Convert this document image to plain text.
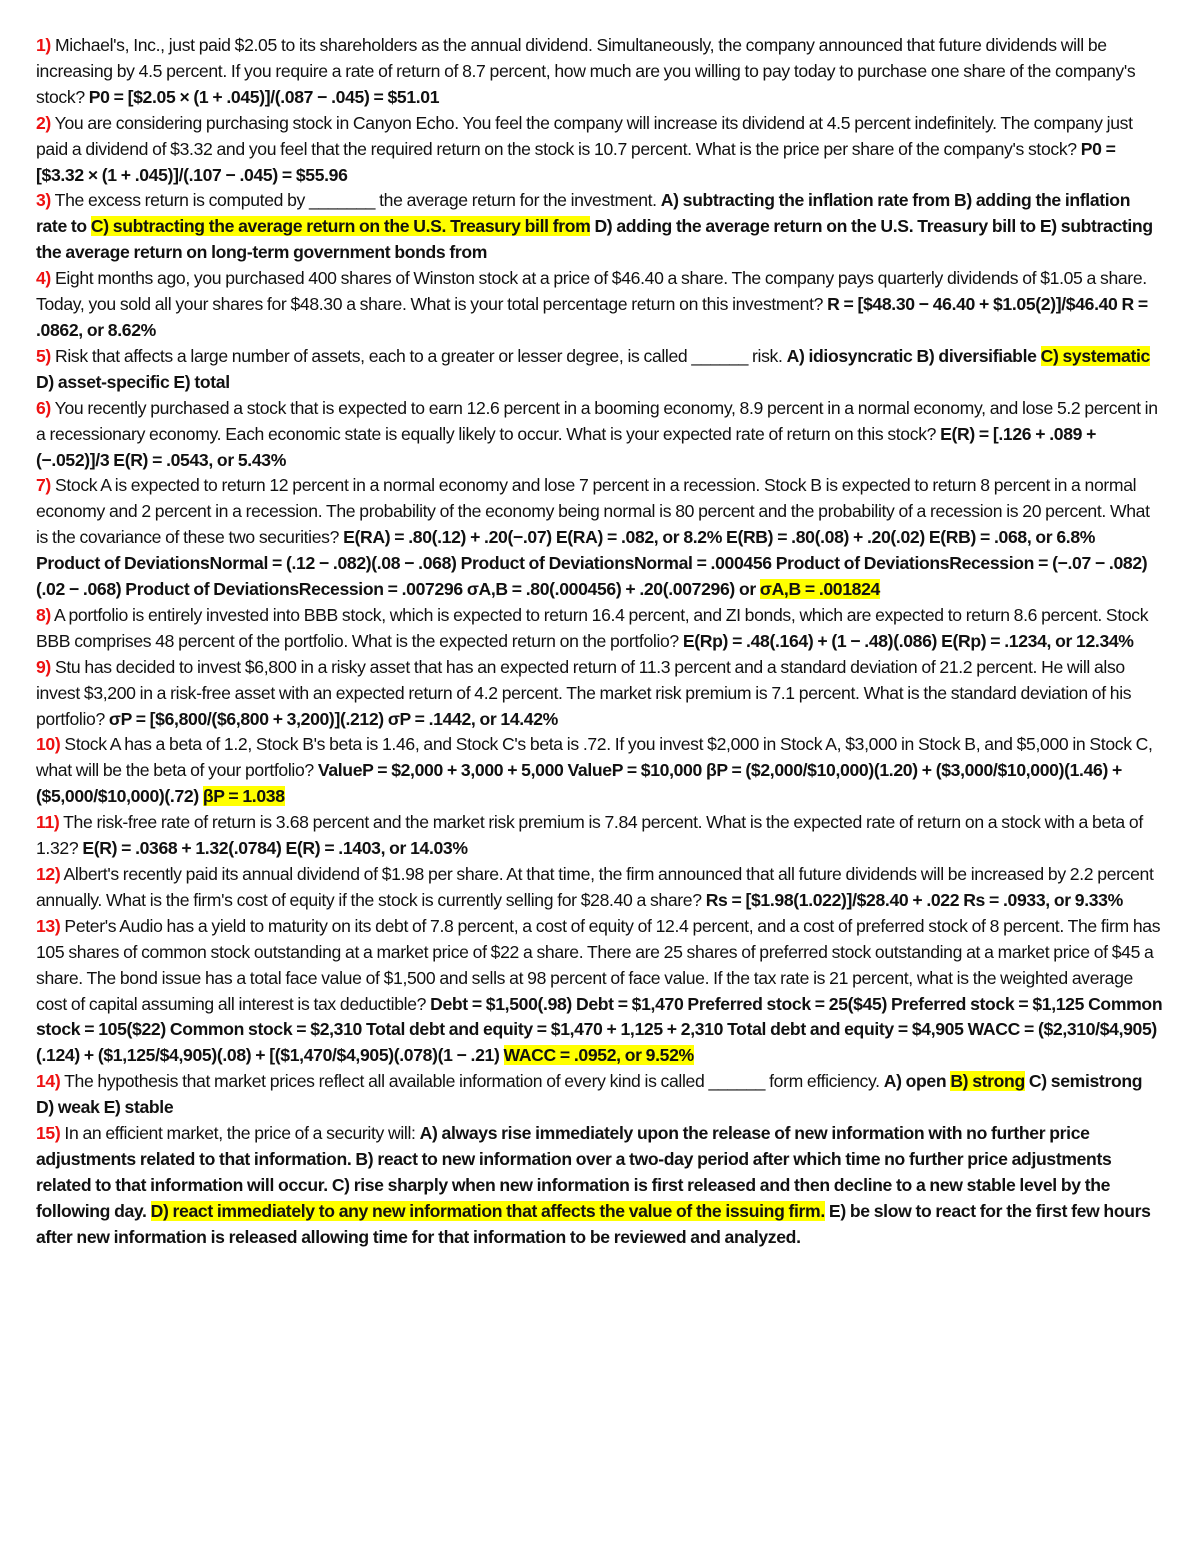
1) Michael's, Inc., just paid $2.05 to its shareholders as the annual dividend. Simultaneously, the company announced that future dividends will be increasing by 4.5 percent. If you require a rate of return of 8.7 percent, how much are you willing to pay today to purchase one share of the company's stock? P0 = [$2.05 × (1 + .045)]/(.087 − .045) = $51.01

2) You are considering purchasing stock in Canyon Echo. You feel the company will increase its dividend at 4.5 percent indefinitely. The company just paid a dividend of $3.32 and you feel that the required return on the stock is 10.7 percent. What is the price per share of the company's stock? P0 = [$3.32 × (1 + .045)]/(.107 − .045) = $55.96

3) The excess return is computed by _______ the average return for the investment. A) subtracting the inflation rate from B) adding the inflation rate to C) subtracting the average return on the U.S. Treasury bill from D) adding the average return on the U.S. Treasury bill to E) subtracting the average return on long-term government bonds from

4) Eight months ago, you purchased 400 shares of Winston stock at a price of $46.40 a share. The company pays quarterly dividends of $1.05 a share. Today, you sold all your shares for $48.30 a share. What is your total percentage return on this investment? R = [$48.30 − 46.40 + $1.05(2)]/$46.40 R = .0862, or 8.62%

5) Risk that affects a large number of assets, each to a greater or lesser degree, is called ______ risk. A) idiosyncratic B) diversifiable C) systematic D) asset-specific E) total

6) You recently purchased a stock that is expected to earn 12.6 percent in a booming economy, 8.9 percent in a normal economy, and lose 5.2 percent in a recessionary economy. Each economic state is equally likely to occur. What is your expected rate of return on this stock? E(R) = [.126 + .089 + (−.052)]/3 E(R) = .0543, or 5.43%

7) Stock A is expected to return 12 percent in a normal economy and lose 7 percent in a recession. Stock B is expected to return 8 percent in a normal economy and 2 percent in a recession. The probability of the economy being normal is 80 percent and the probability of a recession is 20 percent. What is the covariance of these two securities? E(RA) = .80(.12) + .20(−.07) E(RA) = .082, or 8.2% E(RB) = .80(.08) + .20(.02) E(RB) = .068, or 6.8%
Product of DeviationsNormal = (.12 − .082)(.08 − .068) Product of DeviationsNormal = .000456 Product of DeviationsRecession = (−.07 − .082)(.02 − .068) Product of DeviationsRecession = .007296 σA,B = .80(.000456) + .20(.007296) or σA,B = .001824

8) A portfolio is entirely invested into BBB stock, which is expected to return 16.4 percent, and ZI bonds, which are expected to return 8.6 percent. Stock BBB comprises 48 percent of the portfolio. What is the expected return on the portfolio? E(Rp) = .48(.164) + (1 − .48)(.086) E(Rp) = .1234, or 12.34%

9) Stu has decided to invest $6,800 in a risky asset that has an expected return of 11.3 percent and a standard deviation of 21.2 percent. He will also invest $3,200 in a risk-free asset with an expected return of 4.2 percent. The market risk premium is 7.1 percent. What is the standard deviation of his portfolio? σP = [$6,800/($6,800 + 3,200)](.212) σP = .1442, or 14.42%

10) Stock A has a beta of 1.2, Stock B's beta is 1.46, and Stock C's beta is .72. If you invest $2,000 in Stock A, $3,000 in Stock B, and $5,000 in Stock C, what will be the beta of your portfolio? ValueP = $2,000 + 3,000 + 5,000 ValueP = $10,000 βP = ($2,000/$10,000)(1.20) + ($3,000/$10,000)(1.46) + ($5,000/$10,000)(.72) βP = 1.038

11) The risk-free rate of return is 3.68 percent and the market risk premium is 7.84 percent. What is the expected rate of return on a stock with a beta of 1.32? E(R) = .0368 + 1.32(.0784) E(R) = .1403, or 14.03%

12) Albert's recently paid its annual dividend of $1.98 per share. At that time, the firm announced that all future dividends will be increased by 2.2 percent annually. What is the firm's cost of equity if the stock is currently selling for $28.40 a share? Rs = [$1.98(1.022)]/$28.40 + .022 Rs = .0933, or 9.33%

13) Peter's Audio has a yield to maturity on its debt of 7.8 percent, a cost of equity of 12.4 percent, and a cost of preferred stock of 8 percent. The firm has 105 shares of common stock outstanding at a market price of $22 a share. There are 25 shares of preferred stock outstanding at a market price of $45 a share. The bond issue has a total face value of $1,500 and sells at 98 percent of face value. If the tax rate is 21 percent, what is the weighted average cost of capital assuming all interest is tax deductible? Debt = $1,500(.98) Debt = $1,470 Preferred stock = 25($45) Preferred stock = $1,125 Common stock = 105($22) Common stock = $2,310 Total debt and equity = $1,470 + 1,125 + 2,310 Total debt and equity = $4,905 WACC = ($2,310/$4,905)(.124) + ($1,125/$4,905)(.08) + [($1,470/$4,905)(.078)(1 − .21) WACC = .0952, or 9.52%

14) The hypothesis that market prices reflect all available information of every kind is called ______ form efficiency. A) open B) strong C) semistrong D) weak E) stable

15) In an efficient market, the price of a security will: A) always rise immediately upon the release of new information with no further price adjustments related to that information. B) react to new information over a two-day period after which time no further price adjustments related to that information will occur. C) rise sharply when new information is first released and then decline to a new stable level by the following day. D) react immediately to any new information that affects the value of the issuing firm. E) be slow to react for the first few hours after new information is released allowing time for that information to be reviewed and analyzed.
